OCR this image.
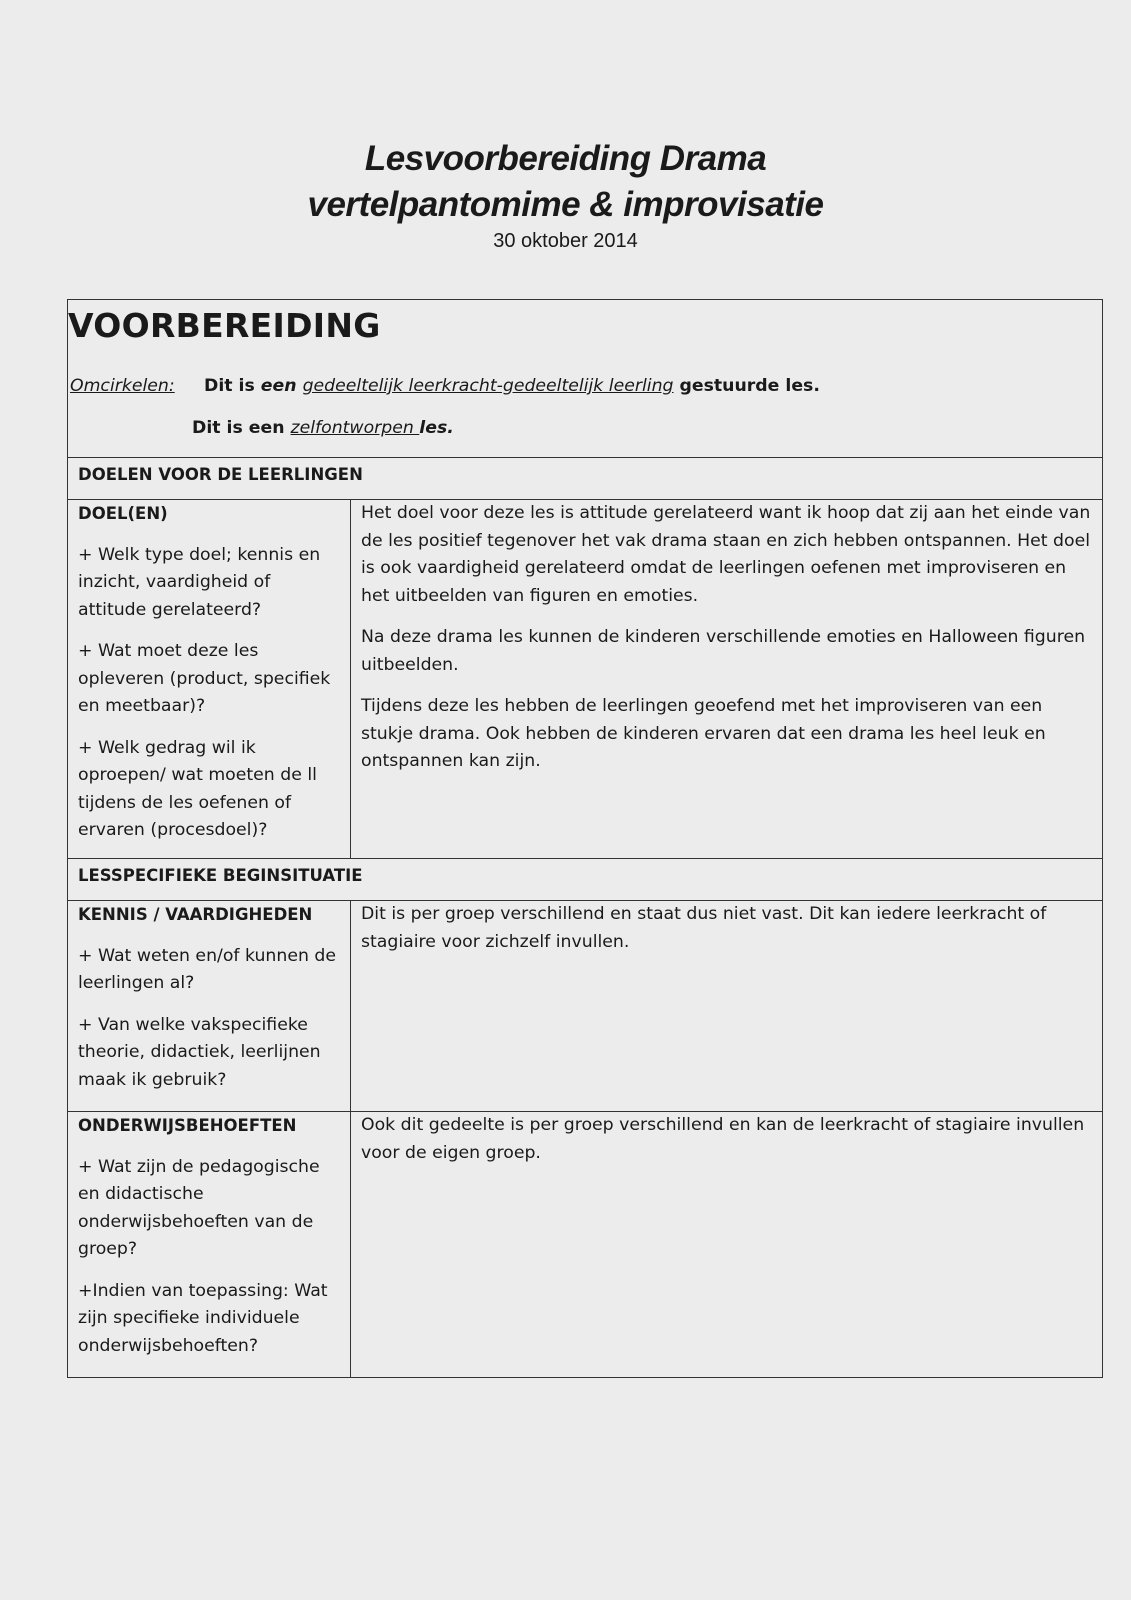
Lesvoorbereiding Drama
vertelpantomime & improvisatie
30 oktober 2014
VOORBEREIDING
Omcirkelen: Dit is een gedeeltelijk leerkracht-gedeeltelijk leerling gestuurde les.
Dit is een zelfontworpen les.
DOELEN VOOR DE LEERLINGEN
DOEL(EN)
+ Welk type doel; kennis en inzicht, vaardigheid of attitude gerelateerd?
+ Wat moet deze les opleveren (product, specifiek en meetbaar)?
+ Welk gedrag wil ik oproepen/ wat moeten de ll tijdens de les oefenen of ervaren (procesdoel)?

Het doel voor deze les is attitude gerelateerd want ik hoop dat zij aan het einde van de les positief tegenover het vak drama staan en zich hebben ontspannen. Het doel is ook vaardigheid gerelateerd omdat de leerlingen oefenen met improviseren en het uitbeelden van figuren en emoties.

Na deze drama les kunnen de kinderen verschillende emoties en Halloween figuren uitbeelden.

Tijdens deze les hebben de leerlingen geoefend met het improviseren van een stukje drama. Ook hebben de kinderen ervaren dat een drama les heel leuk en ontspannen kan zijn.

LESSPECIFIEKE BEGINSITUATIE
KENNIS / VAARDIGHEDEN
+ Wat weten en/of kunnen de leerlingen al?
+ Van welke vakspecifieke theorie, didactiek, leerlijnen maak ik gebruik?

Dit is per groep verschillend en staat dus niet vast. Dit kan iedere leerkracht of stagiaire voor zichzelf invullen.

ONDERWIJSBEHOEFTEN
+ Wat zijn de pedagogische en didactische onderwijsbehoeften van de groep?
+Indien van toepassing: Wat zijn specifieke individuele onderwijsbehoeften?

Ook dit gedeelte is per groep verschillend en kan de leerkracht of stagiaire invullen voor de eigen groep.
